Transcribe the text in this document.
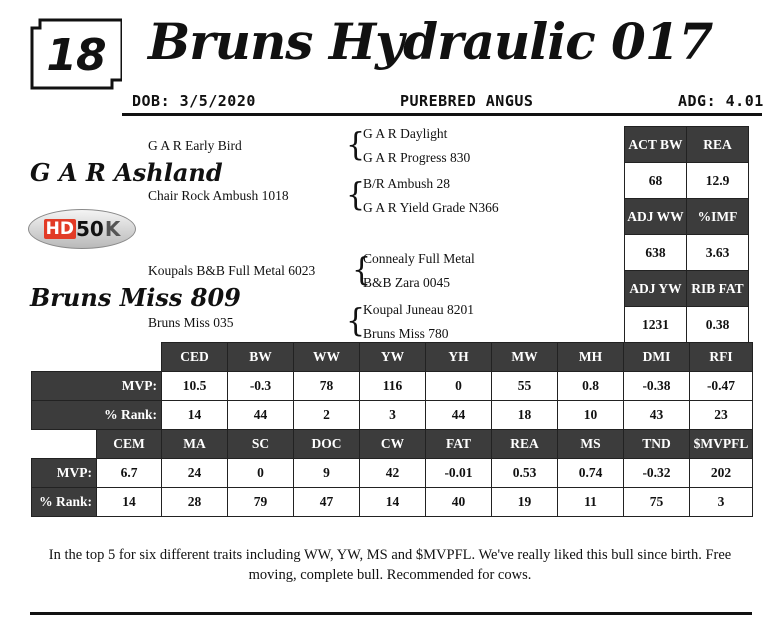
18 Bruns Hydraulic 017
DOB: 3/5/2020	PUREBRED ANGUS	ADG: 4.01
G A R Early Bird	{
G A R Daylight
G A R Progress 830
G A R Ashland
Chair Rock Ambush 1018 {
B/R Ambush 28
G A R Yield Grade N366
HD 50 K
{
Connealy Full Metal
B&B Zara 0045
Koupals B&B Full Metal 6023
Bruns Miss 809
Bruns Miss 035	{
Koupal Juneau 8201
Bruns Miss 780
ACT BW	REA
68	12.9
ADJ WW	%IMF
638	3.63
ADJ YW	RIB FAT
1231	0.38
		CED	BW	WW	YW	YH	MW	MH	DMI	RFI
MVP:		10.5	-0.3	78	116	0	55	0.8	-0.38	-0.47
% Rank:		14	44	2	3	44	18	10	43	23
	CEM	MA	SC	DOC	CW	FAT	REA	MS	TND	$MVPFL
MVP:	6.7	24	0	9	42	-0.01	0.53	0.74	-0.32	202
% Rank:	14	28	79	47	14	40	19	11	75	3
In the top 5 for six different traits including WW, YW, MS and $MVPFL. We've really liked this bull since birth. Free moving, complete bull. Recommended for cows.
